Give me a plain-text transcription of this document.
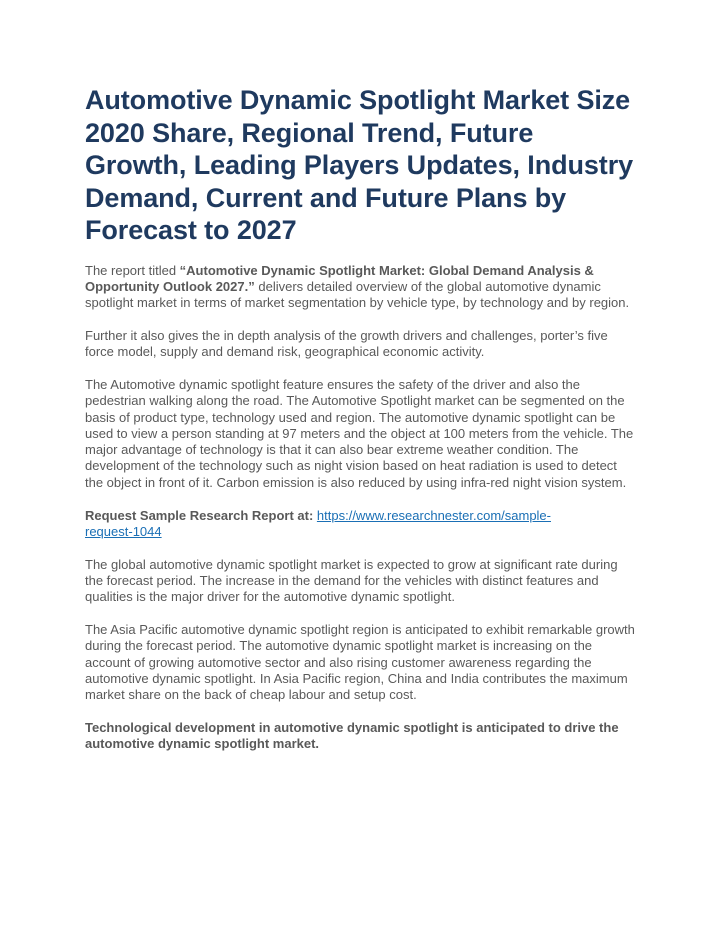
Automotive Dynamic Spotlight Market Size 2020 Share, Regional Trend, Future Growth, Leading Players Updates, Industry Demand, Current and Future Plans by Forecast to 2027

The report titled “Automotive Dynamic Spotlight Market: Global Demand Analysis & Opportunity Outlook 2027.” delivers detailed overview of the global automotive dynamic spotlight market in terms of market segmentation by vehicle type, by technology and by region.

Further it also gives the in depth analysis of the growth drivers and challenges, porter’s five force model, supply and demand risk, geographical economic activity.

The Automotive dynamic spotlight feature ensures the safety of the driver and also the pedestrian walking along the road. The Automotive Spotlight market can be segmented on the basis of product type, technology used and region. The automotive dynamic spotlight can be used to view a person standing at 97 meters and the object at 100 meters from the vehicle. The major advantage of technology is that it can also bear extreme weather condition. The development of the technology such as night vision based on heat radiation is used to detect the object in front of it. Carbon emission is also reduced by using infra-red night vision system.

Request Sample Research Report at: https://www.researchnester.com/sample-
request-1044

The global automotive dynamic spotlight market is expected to grow at significant rate during the forecast period. The increase in the demand for the vehicles with distinct features and qualities is the major driver for the automotive dynamic spotlight.

The Asia Pacific automotive dynamic spotlight region is anticipated to exhibit remarkable growth during the forecast period. The automotive dynamic spotlight market is increasing on the account of growing automotive sector and also rising customer awareness regarding the automotive dynamic spotlight. In Asia Pacific region, China and India contributes the maximum market share on the back of cheap labour and setup cost.

Technological development in automotive dynamic spotlight is anticipated to drive the automotive dynamic spotlight market.
